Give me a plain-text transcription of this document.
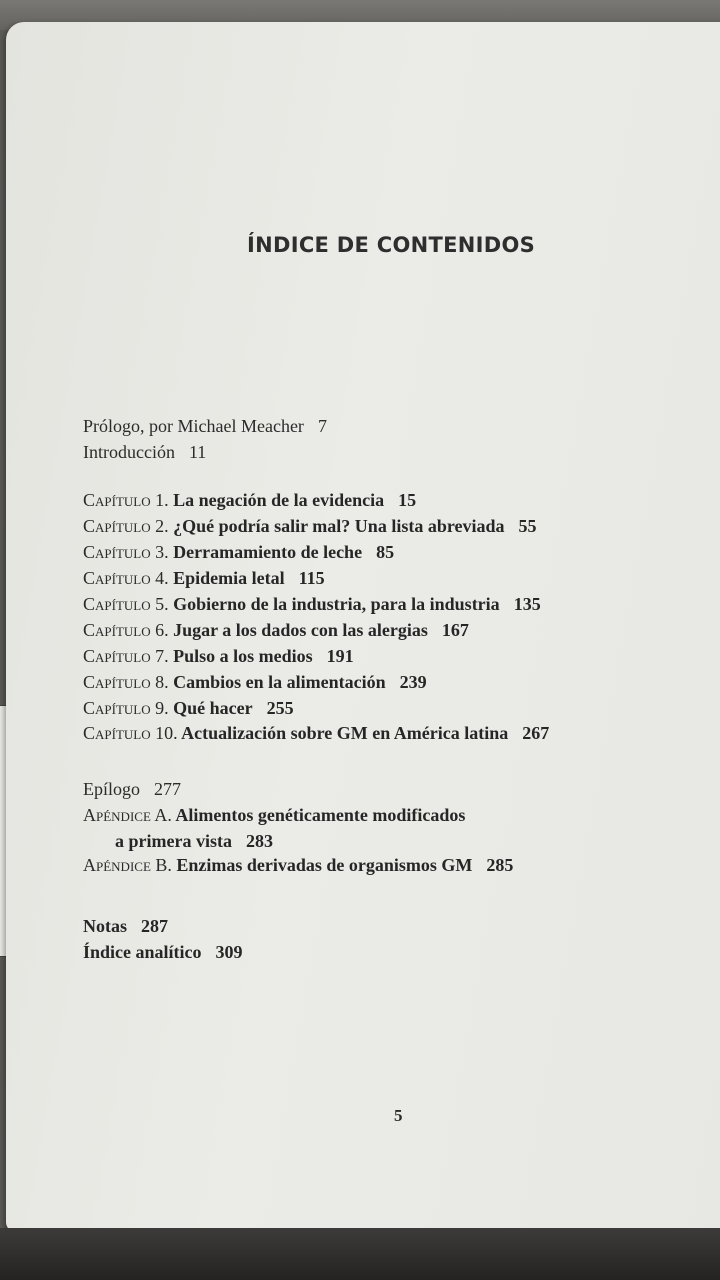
ÍNDICE DE CONTENIDOS

Prólogo, por Michael Meacher 7

Introducción 11

Capítulo 1. La negación de la evidencia 15

Capítulo 2. ¿Qué podría salir mal? Una lista abreviada 55

Capítulo 3. Derramamiento de leche 85

Capítulo 4. Epidemia letal 115

Capítulo 5. Gobierno de la industria, para la industria 135

Capítulo 6. Jugar a los dados con las alergias 167

Capítulo 7. Pulso a los medios 191

Capítulo 8. Cambios en la alimentación 239

Capítulo 9. Qué hacer 255

Capítulo 10. Actualización sobre GM en América latina 267

Epílogo 277

Apéndice A. Alimentos genéticamente modificados

a primera vista 283

Apéndice B. Enzimas derivadas de organismos GM 285

Notas 287

Índice analítico 309

5
